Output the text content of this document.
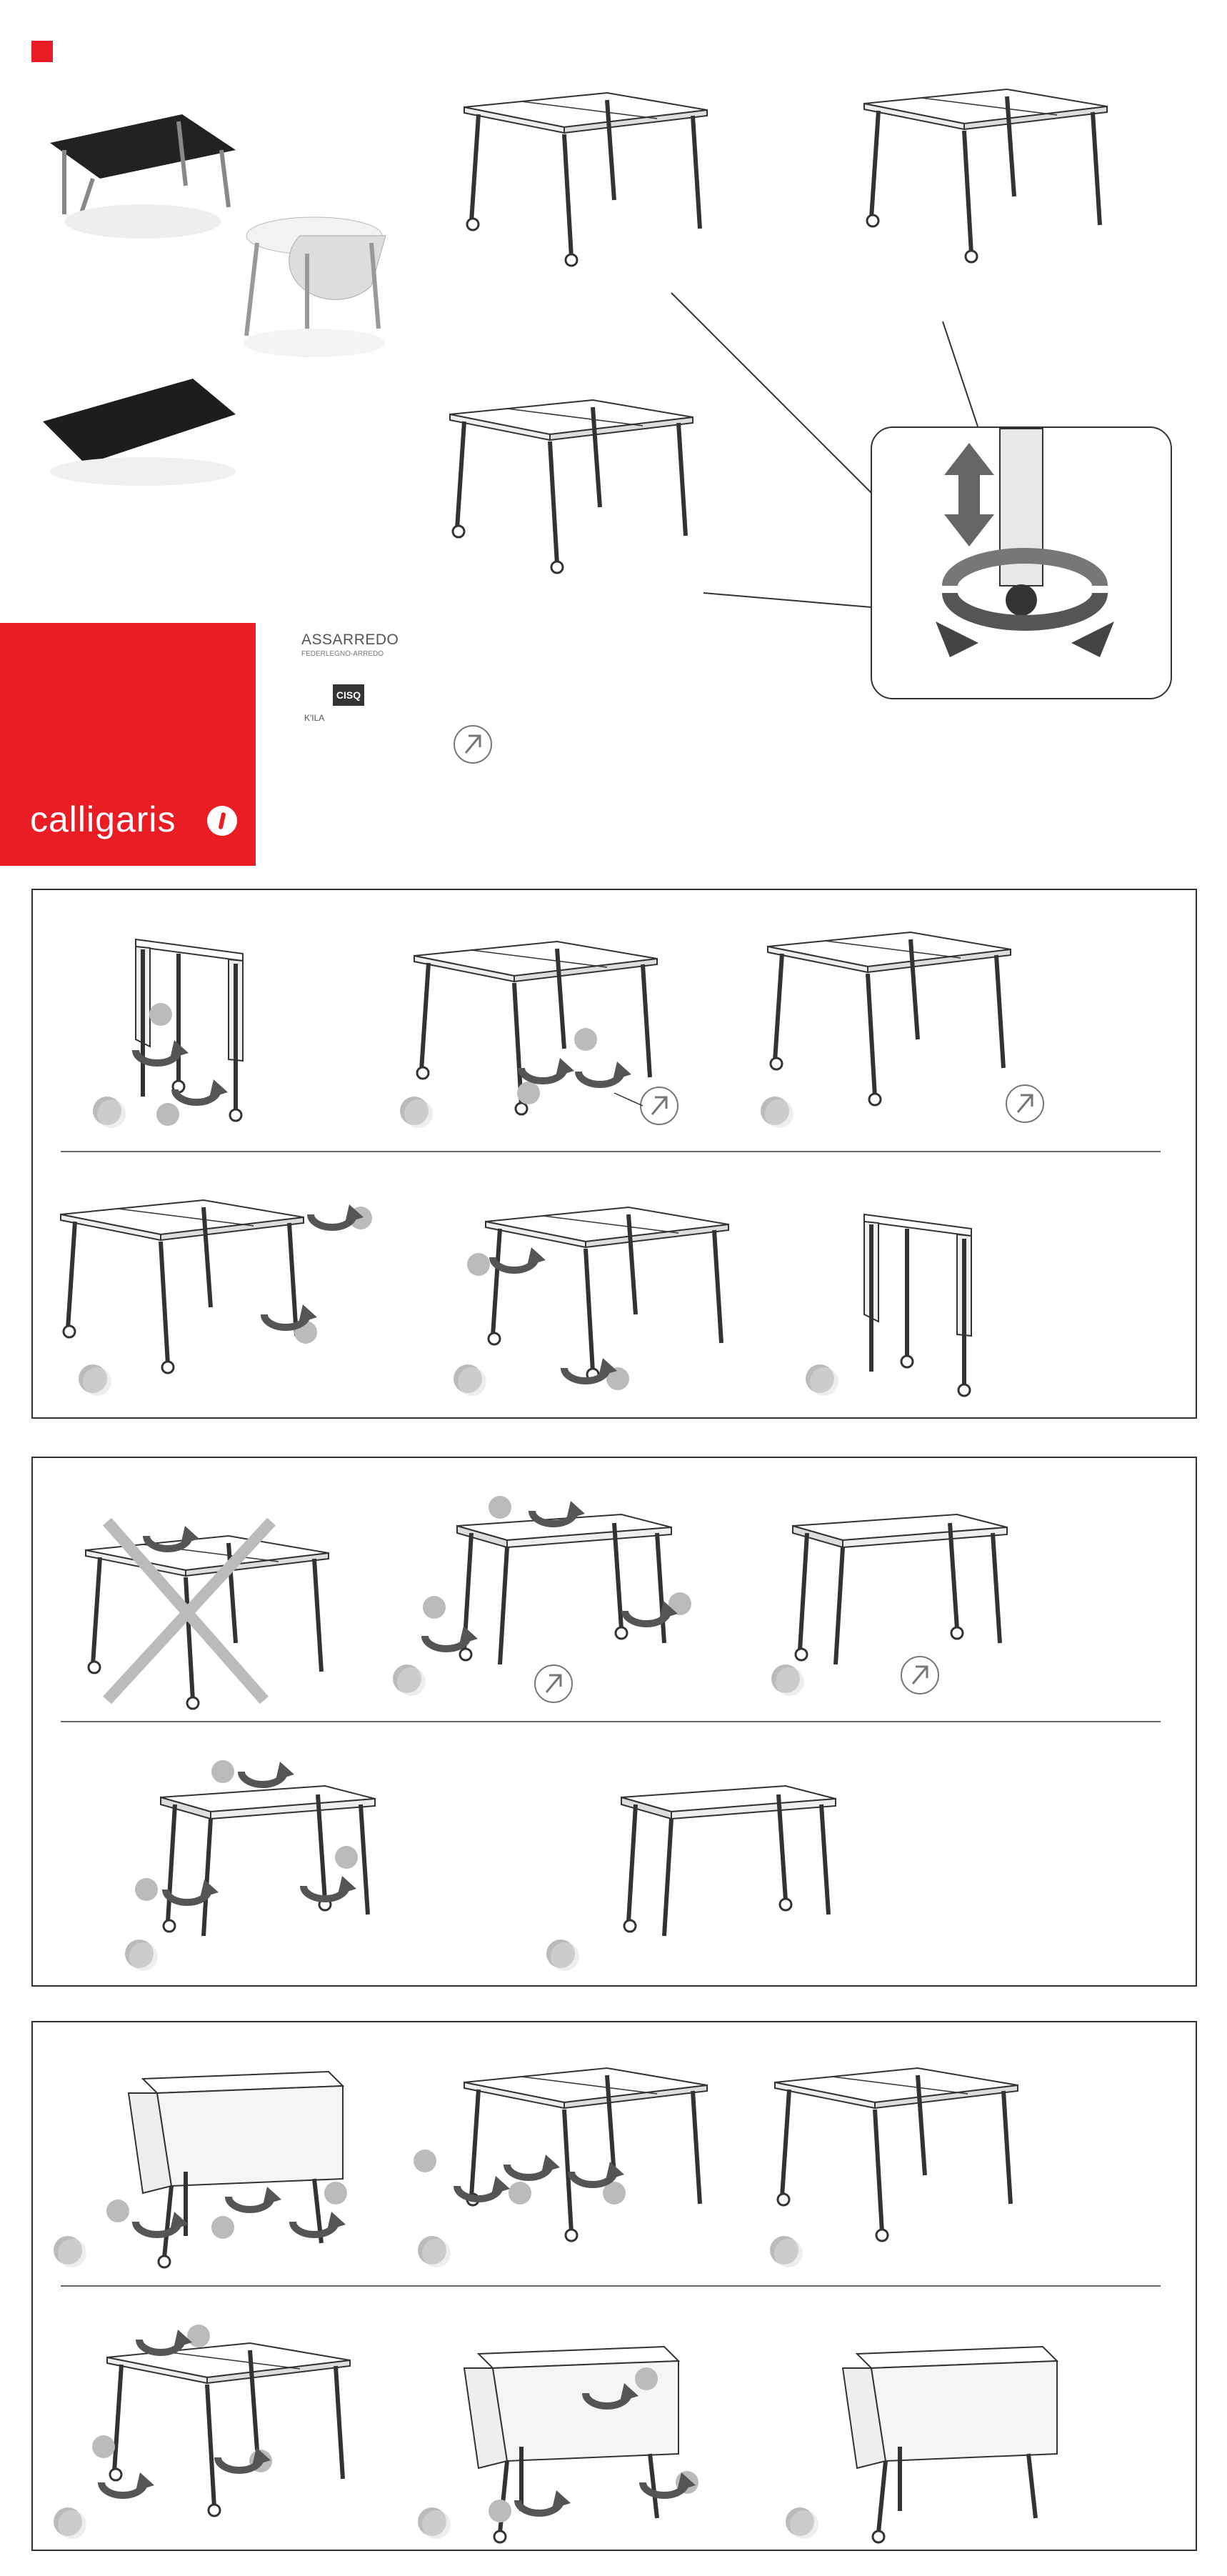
calligaris
ASSARREDO
FEDERLEGNO-ARREDO
CISQ
K'ILA
